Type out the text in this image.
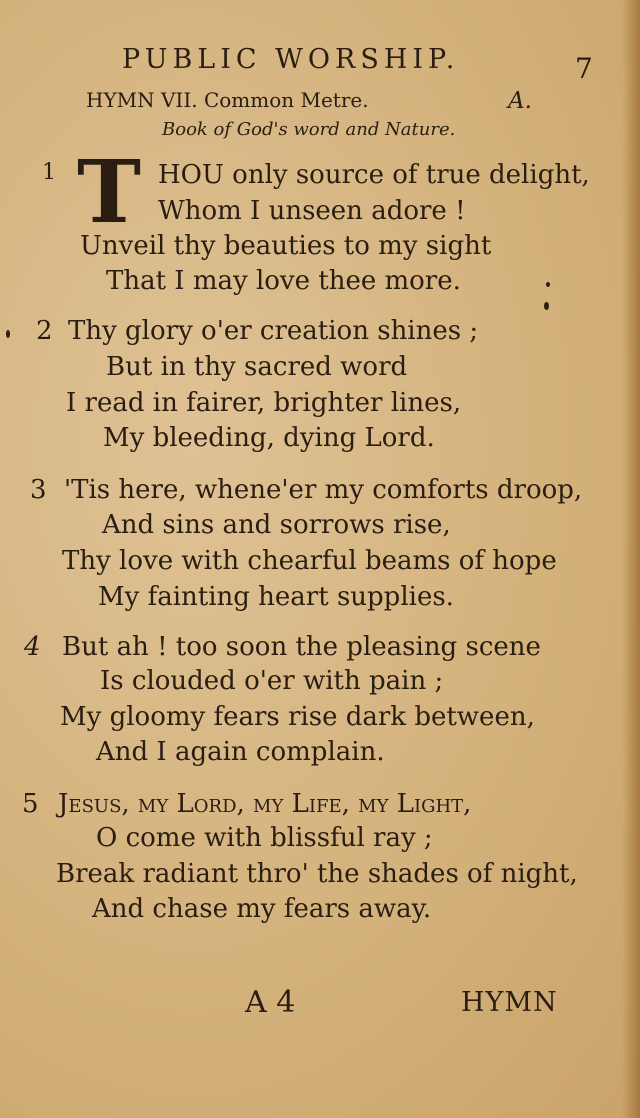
PUBLIC WORSHIP.	7
HYMN VII. Common Metre.	A.
Book of God's word and Nature.
1 T HOU only source of true delight,
Whom I unseen adore !
Unveil thy beauties to my sight
That I may love thee more.
2 Thy glory o'er creation shines ;
But in thy sacred word
I read in fairer, brighter lines,
My bleeding, dying Lord.
3 'Tis here, whene'er my comforts droop,
And sins and sorrows rise,
Thy love with chearful beams of hope
My fainting heart supplies.
4 But ah ! too soon the pleasing scene
Is clouded o'er with pain ;
My gloomy fears rise dark between,
And I again complain.
5 Jesus, my Lord, my Life, my Light,
O come with blissful ray ;
Break radiant thro' the shades of night,
And chase my fears away.
A 4	HYMN
